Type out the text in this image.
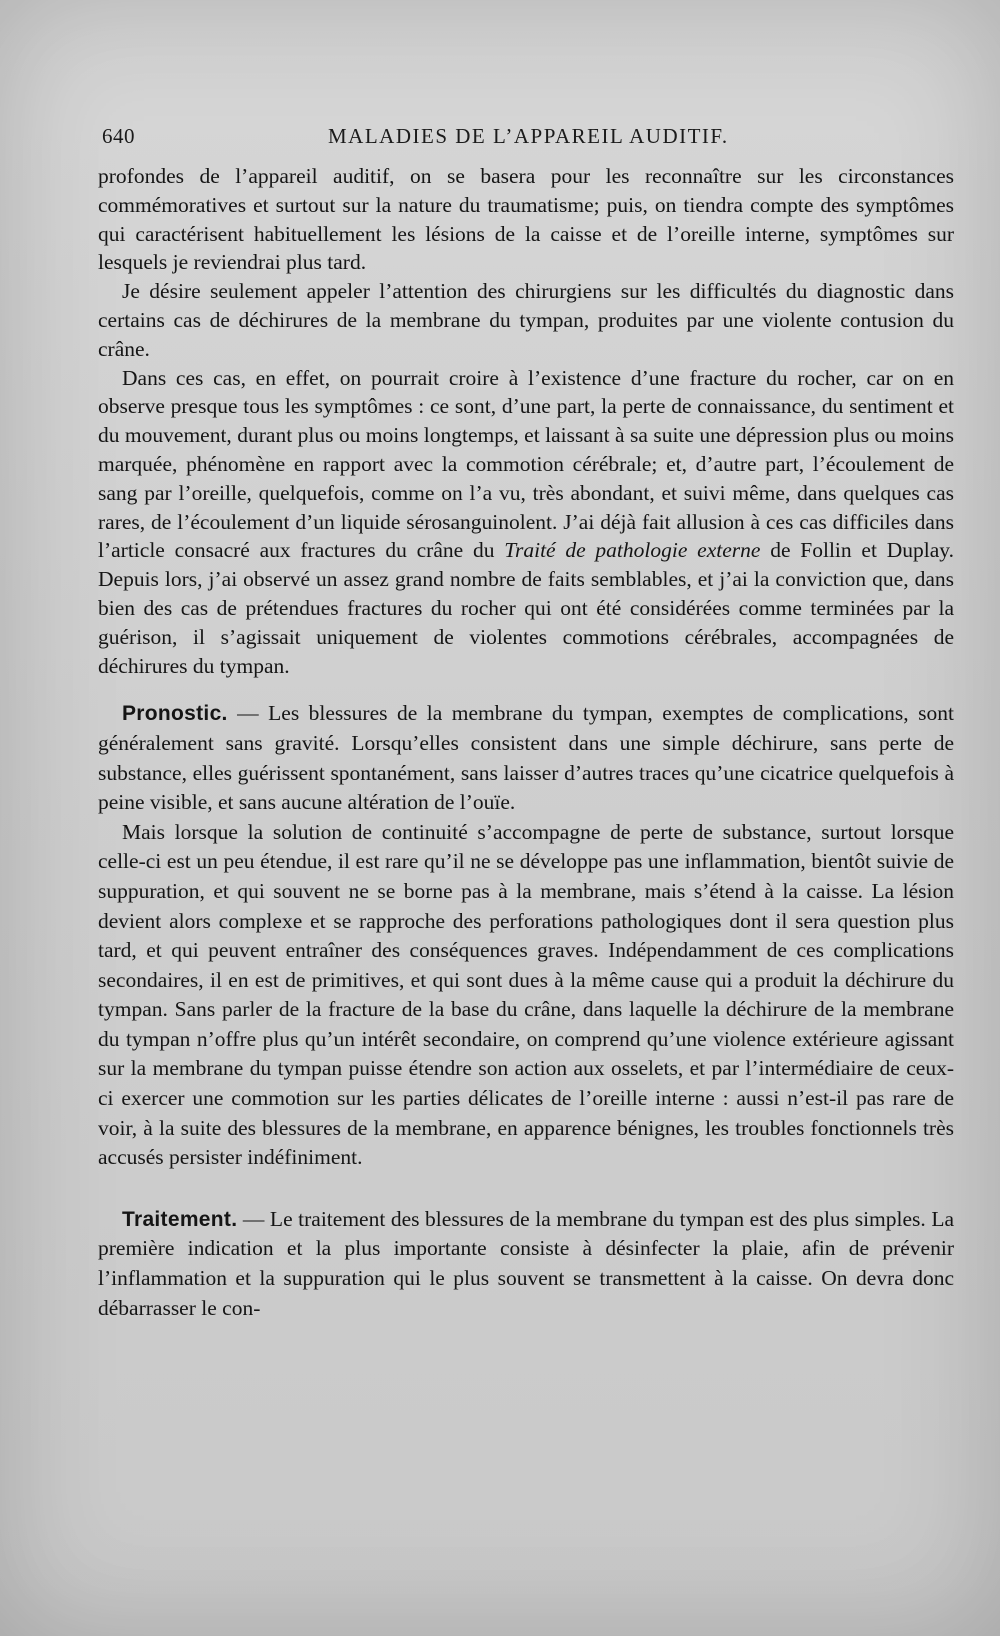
640	MALADIES DE L’APPAREIL AUDITIF.

profondes de l’appareil auditif, on se basera pour les reconnaître sur les circonstances commémoratives et surtout sur la nature du traumatisme; puis, on tiendra compte des symptômes qui caractérisent habituellement les lésions de la caisse et de l’oreille interne, symptômes sur lesquels je reviendrai plus tard.

Je désire seulement appeler l’attention des chirurgiens sur les difficultés du diagnostic dans certains cas de déchirures de la membrane du tympan, produites par une violente contusion du crâne.

Dans ces cas, en effet, on pourrait croire à l’existence d’une fracture du rocher, car on en observe presque tous les symptômes : ce sont, d’une part, la perte de connaissance, du sentiment et du mouvement, durant plus ou moins longtemps, et laissant à sa suite une dépression plus ou moins marquée, phénomène en rapport avec la commotion cérébrale; et, d’autre part, l’écoulement de sang par l’oreille, quelquefois, comme on l’a vu, très abondant, et suivi même, dans quelques cas rares, de l’écoulement d’un liquide sérosanguinolent. J’ai déjà fait allusion à ces cas difficiles dans l’article consacré aux fractures du crâne du Traité de pathologie externe de Follin et Duplay. Depuis lors, j’ai observé un assez grand nombre de faits semblables, et j’ai la conviction que, dans bien des cas de prétendues fractures du rocher qui ont été considérées comme terminées par la guérison, il s’agissait uniquement de violentes commotions cérébrales, accompagnées de déchirures du tympan.

Pronostic. — Les blessures de la membrane du tympan, exemptes de complications, sont généralement sans gravité. Lorsqu’elles consistent dans une simple déchirure, sans perte de substance, elles guérissent spontanément, sans laisser d’autres traces qu’une cicatrice quelquefois à peine visible, et sans aucune altération de l’ouïe.

Mais lorsque la solution de continuité s’accompagne de perte de substance, surtout lorsque celle-ci est un peu étendue, il est rare qu’il ne se développe pas une inflammation, bientôt suivie de suppuration, et qui souvent ne se borne pas à la membrane, mais s’étend à la caisse. La lésion devient alors complexe et se rapproche des perforations pathologiques dont il sera question plus tard, et qui peuvent entraîner des conséquences graves. Indépendamment de ces complications secondaires, il en est de primitives, et qui sont dues à la même cause qui a produit la déchirure du tympan. Sans parler de la fracture de la base du crâne, dans laquelle la déchirure de la membrane du tympan n’offre plus qu’un intérêt secondaire, on comprend qu’une violence extérieure agissant sur la membrane du tympan puisse étendre son action aux osselets, et par l’intermédiaire de ceux-ci exercer une commotion sur les parties délicates de l’oreille interne : aussi n’est-il pas rare de voir, à la suite des blessures de la membrane, en apparence bénignes, les troubles fonctionnels très accusés persister indéfiniment.

Traitement. — Le traitement des blessures de la membrane du tympan est des plus simples. La première indication et la plus importante consiste à désinfecter la plaie, afin de prévenir l’inflammation et la suppuration qui le plus souvent se transmettent à la caisse. On devra donc débarrasser le con-
